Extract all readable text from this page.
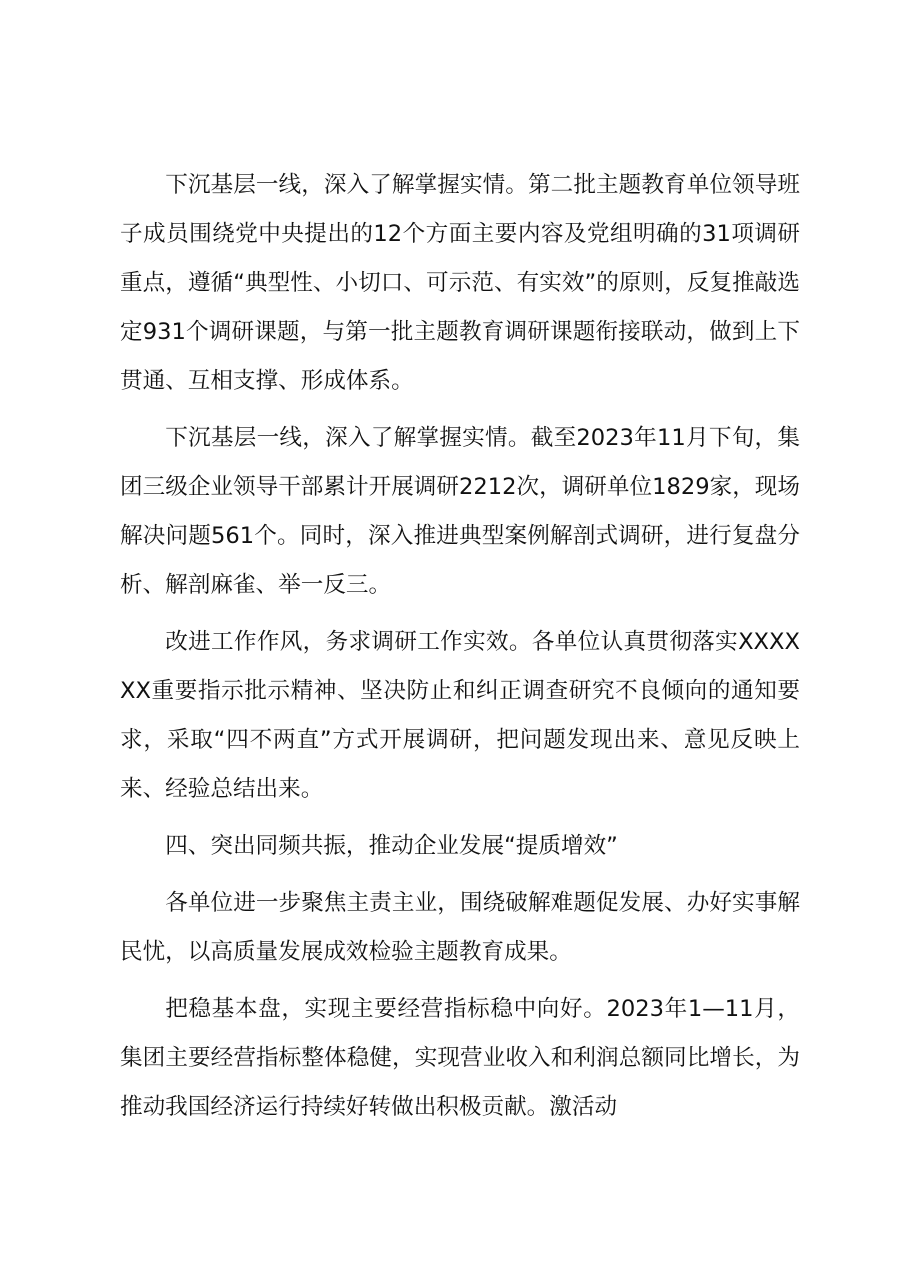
下沉基层一线，深入了解掌握实情。第二批主题教育单位领导班子成员围绕党中央提出的12个方面主要内容及党组明确的31项调研重点，遵循“典型性、小切口、可示范、有实效”的原则，反复推敲选定931个调研课题，与第一批主题教育调研课题衔接联动，做到上下贯通、互相支撑、形成体系。

下沉基层一线，深入了解掌握实情。截至2023年11月下旬，集团三级企业领导干部累计开展调研2212次，调研单位1829家，现场解决问题561个。同时，深入推进典型案例解剖式调研，进行复盘分析、解剖麻雀、举一反三。

改进工作作风，务求调研工作实效。各单位认真贯彻落实XXXXXX重要指示批示精神、坚决防止和纠正调查研究不良倾向的通知要求，采取“四不两直”方式开展调研，把问题发现出来、意见反映上来、经验总结出来。

四、突出同频共振，推动企业发展“提质增效”

各单位进一步聚焦主责主业，围绕破解难题促发展、办好实事解民忧，以高质量发展成效检验主题教育成果。

把稳基本盘，实现主要经营指标稳中向好。2023年1—11月，集团主要经营指标整体稳健，实现营业收入和利润总额同比增长，为推动我国经济运行持续好转做出积极贡献。激活动
